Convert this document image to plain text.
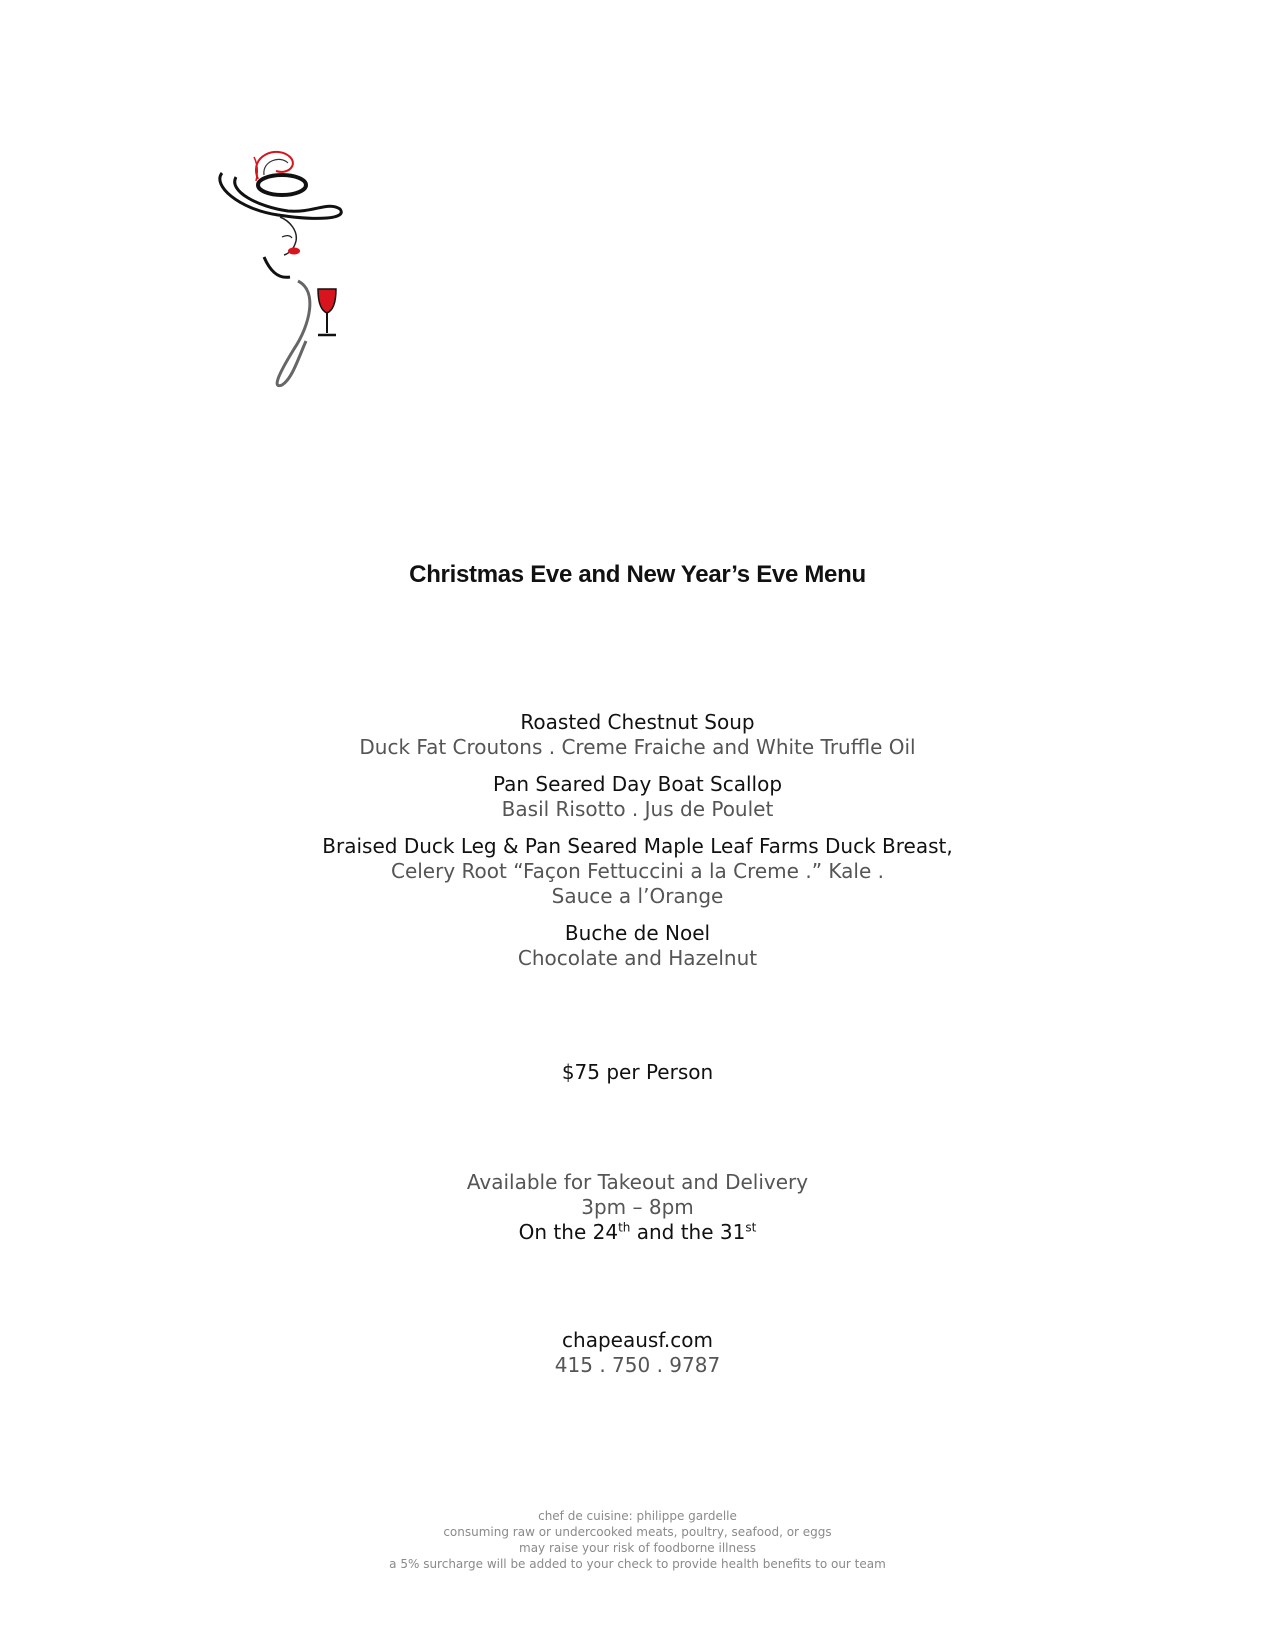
Christmas Eve and New Year’s Eve Menu
Roasted Chestnut Soup
Duck Fat Croutons . Creme Fraiche and White Truffle Oil
Pan Seared Day Boat Scallop
Basil Risotto . Jus de Poulet
Braised Duck Leg & Pan Seared Maple Leaf Farms Duck Breast,
Celery Root “Façon Fettuccini a la Creme .” Kale .
Sauce a l’Orange
Buche de Noel
Chocolate and Hazelnut
$75 per Person
Available for Takeout and Delivery
3pm – 8pm
On the 24th and the 31st
chapeausf.com
415 . 750 . 9787
chef de cuisine: philippe gardelle
consuming raw or undercooked meats, poultry, seafood, or eggs
may raise your risk of foodborne illness
a 5% surcharge will be added to your check to provide health benefits to our team
